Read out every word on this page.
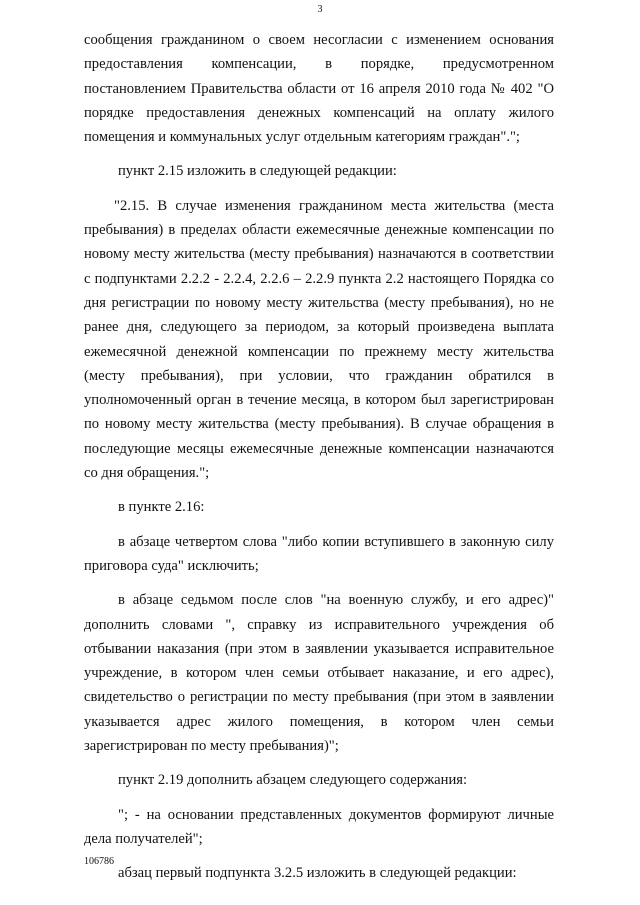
3

сообщения гражданином о своем несогласии с изменением основания предоставления компенсации, в порядке, предусмотренном постановлением Правительства области от 16 апреля 2010 года № 402 "О порядке предоставления денежных компенсаций на оплату жилого помещения и коммунальных услуг отдельным категориям граждан".";

пункт 2.15 изложить в следующей редакции:

"2.15. В случае изменения гражданином места жительства (места пребывания) в пределах области ежемесячные денежные компенсации по новому месту жительства (месту пребывания) назначаются в соответствии с подпунктами 2.2.2 - 2.2.4, 2.2.6 – 2.2.9 пункта 2.2 настоящего Порядка со дня регистрации по новому месту жительства (месту пребывания), но не ранее дня, следующего за периодом, за который произведена выплата ежемесячной денежной компенсации по прежнему месту жительства (месту пребывания), при условии, что гражданин обратился в уполномоченный орган в течение месяца, в котором был зарегистрирован по новому месту жительства (месту пребывания). В случае обращения в последующие месяцы ежемесячные денежные компенсации назначаются со дня обращения.";

в пункте 2.16:

в абзаце четвертом слова "либо копии вступившего в законную силу приговора суда" исключить;

в абзаце седьмом после слов "на военную службу, и его адрес)" дополнить словами ", справку из исправительного учреждения об отбывании наказания (при этом в заявлении указывается исправительное учреждение, в котором член семьи отбывает наказание, и его адрес), свидетельство о регистрации по месту пребывания (при этом в заявлении указывается адрес жилого помещения, в котором член семьи зарегистрирован по месту пребывания)";

пункт 2.19 дополнить абзацем следующего содержания:

"; - на основании представленных документов формируют личные дела получателей";

абзац первый подпункта 3.2.5 изложить в следующей редакции:

106786
